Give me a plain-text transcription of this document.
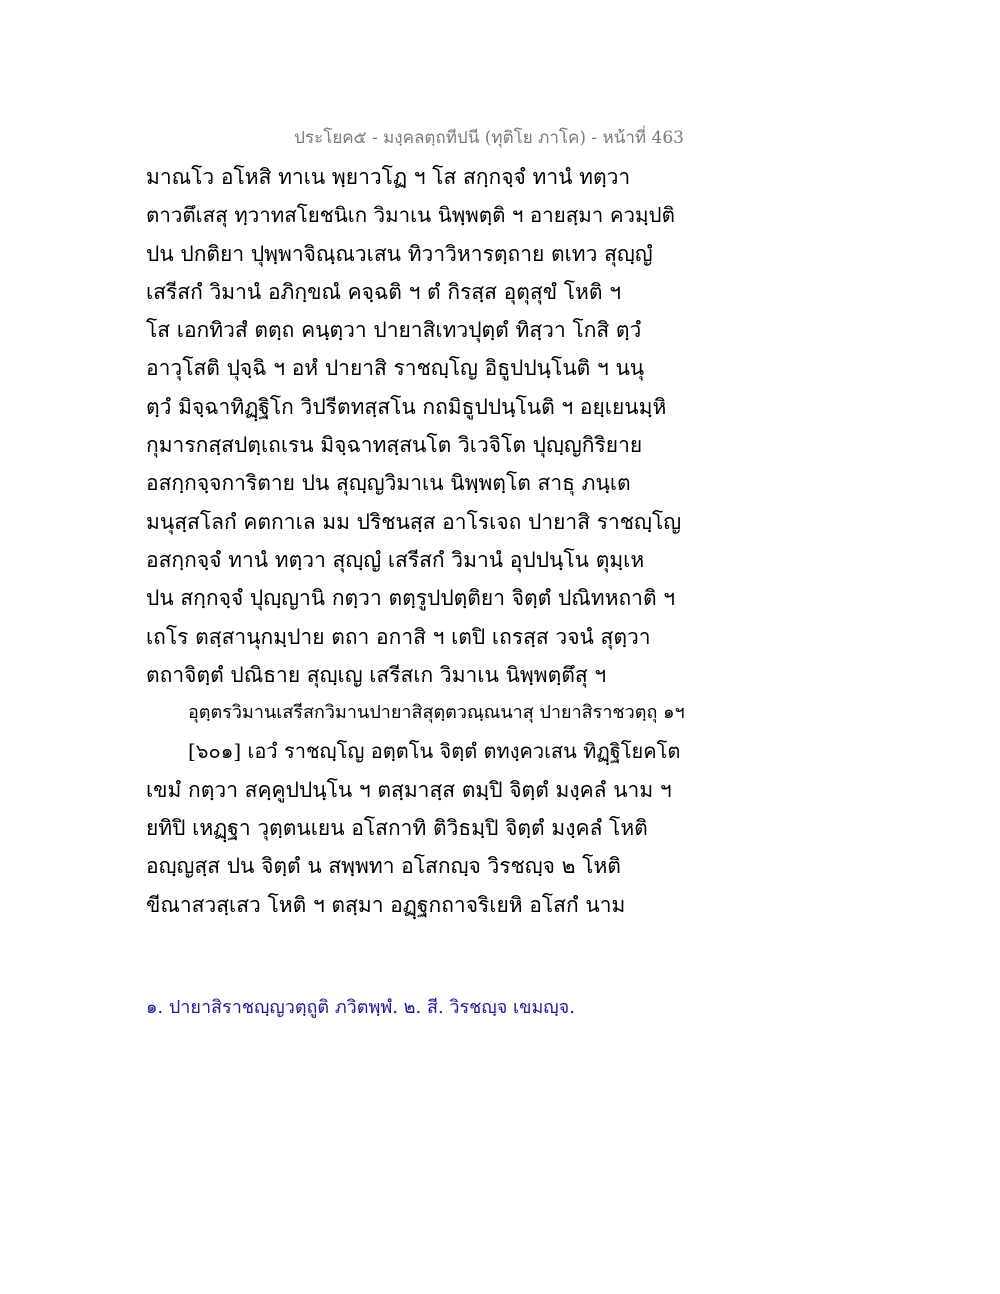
ประโยค๕ - มงฺคลตฺถทีปนี (ทุติโย ภาโค) - หน้าที่ 463
มาณโว อโหสิ ทาเน พฺยาวโฏ ฯ โส สกฺกจฺจํ ทานํ ทตฺวา
ตาวตึเสสุ ทฺวาทสโยชนิเก วิมาเน นิพฺพตฺติ ฯ อายสฺมา ควมฺปติ
ปน ปกติยา ปุพฺพาจิณฺณวเสน ทิวาวิหารตฺถาย ตเทว สุญฺญํ
เสรีสกํ วิมานํ อภิกฺขณํ คจฺฉติ ฯ ตํ กิรสฺส อุตุสุขํ โหติ ฯ
โส เอกทิวสํ ตตฺถ คนฺตฺวา ปายาสิเทวปุตฺตํ ทิสฺวา โกสิ ตฺวํ
อาวุโสติ ปุจฺฉิ ฯ อหํ ปายาสิ ราชญฺโญ อิธูปปนฺโนติ ฯ นนุ
ตฺวํ มิจฺฉาทิฏฺฐิโก วิปรีตทสฺสโน กถมิธูปปนฺโนติ ฯ อยฺเยนมฺหิ
กุมารกสฺสปตฺเถเรน มิจฺฉาทสฺสนโต วิเวจิโต ปุญฺญกิริยาย
อสกฺกจฺจการิตาย ปน สุญฺญวิมาเน นิพฺพตฺโต สาธุ ภนฺเต
มนุสฺสโลกํ คตกาเล มม ปริชนสฺส อาโรเจถ ปายาสิ ราชญฺโญ
อสกฺกจฺจํ ทานํ ทตฺวา สุญฺญํ เสรีสกํ วิมานํ อุปปนฺโน ตุมฺเห
ปน สกฺกจฺจํ ปุญฺญานิ กตฺวา ตตฺรูปปตฺติยา จิตฺตํ ปณิทหถาติ ฯ
เถโร ตสฺสานุกมฺปาย ตถา อกาสิ ฯ เตปิ เถรสฺส วจนํ สุตฺวา
ตถาจิตฺตํ ปณิธาย สุญฺเญ เสรีสเก วิมาเน นิพฺพตฺตึสุ ฯ
อุตฺตรวิมานเสรีสกวิมานปายาสิสุตฺตวณฺณนาสุ ปายาสิราชวตฺถุ ๑ฯ
[๖๐๑] เอวํ ราชญฺโญ อตฺตโน จิตฺตํ ตทงฺควเสน ทิฏฺฐิโยคโต
เขมํ กตฺวา สคฺคูปปนฺโน ฯ ตสฺมาสฺส ตมฺปิ จิตฺตํ มงฺคลํ นาม ฯ
ยทิปิ เหฏฺฐา วุตฺตนเยน อโสกาทิ ติวิธมฺปิ จิตฺตํ มงฺคลํ โหติ
อญฺญสฺส ปน จิตฺตํ น สพฺพทา อโสกญฺจ วิรชญฺจ ๒ โหติ
ขีณาสวสฺเสว โหติ ฯ ตสฺมา อฏฺฐกถาจริเยหิ อโสกํ นาม
๑. ปายาสิราชญฺญวตฺถูติ ภวิตพฺพํ. ๒. สี. วิรชญฺจ เขมญฺจ.
